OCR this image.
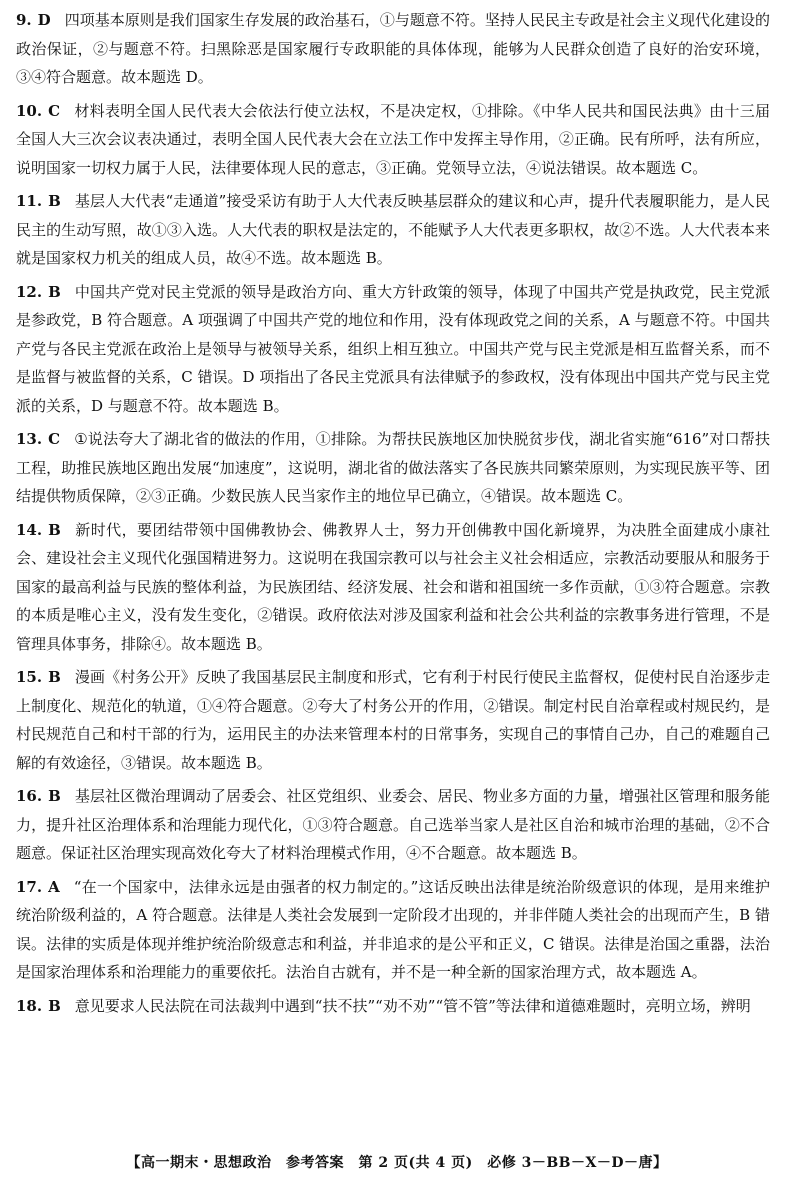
9. D 四项基本原则是我们国家生存发展的政治基石，①与题意不符。坚持人民民主专政是社会主义现代化建设的政治保证，②与题意不符。扫黑除恶是国家履行专政职能的具体体现，能够为人民群众创造了良好的治安环境，③④符合题意。故本题选 D。
10. C 材料表明全国人民代表大会依法行使立法权，不是决定权，①排除。《中华人民共和国民法典》由十三届全国人大三次会议表决通过，表明全国人民代表大会在立法工作中发挥主导作用，②正确。民有所呼，法有所应，说明国家一切权力属于人民，法律要体现人民的意志，③正确。党领导立法，④说法错误。故本题选 C。
11. B 基层人大代表“走通道”接受采访有助于人大代表反映基层群众的建议和心声，提升代表履职能力，是人民民主的生动写照，故①③入选。人大代表的职权是法定的，不能赋予人大代表更多职权，故②不选。人大代表本来就是国家权力机关的组成人员，故④不选。故本题选 B。
12. B 中国共产党对民主党派的领导是政治方向、重大方针政策的领导，体现了中国共产党是执政党，民主党派是参政党，B 符合题意。A 项强调了中国共产党的地位和作用，没有体现政党之间的关系，A 与题意不符。中国共产党与各民主党派在政治上是领导与被领导关系，组织上相互独立。中国共产党与民主党派是相互监督关系，而不是监督与被监督的关系，C 错误。D 项指出了各民主党派具有法律赋予的参政权，没有体现出中国共产党与民主党派的关系，D 与题意不符。故本题选 B。
13. C ①说法夸大了湖北省的做法的作用，①排除。为帮扶民族地区加快脱贫步伐，湖北省实施“616”对口帮扶工程，助推民族地区跑出发展“加速度”，这说明，湖北省的做法落实了各民族共同繁荣原则，为实现民族平等、团结提供物质保障，②③正确。少数民族人民当家作主的地位早已确立，④错误。故本题选 C。
14. B 新时代，要团结带领中国佛教协会、佛教界人士，努力开创佛教中国化新境界，为决胜全面建成小康社会、建设社会主义现代化强国精进努力。这说明在我国宗教可以与社会主义社会相适应，宗教活动要服从和服务于国家的最高利益与民族的整体利益，为民族团结、经济发展、社会和谐和祖国统一多作贡献，①③符合题意。宗教的本质是唯心主义，没有发生变化，②错误。政府依法对涉及国家利益和社会公共利益的宗教事务进行管理，不是管理具体事务，排除④。故本题选 B。
15. B 漫画《村务公开》反映了我国基层民主制度和形式，它有利于村民行使民主监督权，促使村民自治逐步走上制度化、规范化的轨道，①④符合题意。②夸大了村务公开的作用，②错误。制定村民自治章程或村规民约，是村民规范自己和村干部的行为，运用民主的办法来管理本村的日常事务，实现自己的事情自己办，自己的难题自己解的有效途径，③错误。故本题选 B。
16. B 基层社区微治理调动了居委会、社区党组织、业委会、居民、物业多方面的力量，增强社区管理和服务能力，提升社区治理体系和治理能力现代化，①③符合题意。自己选举当家人是社区自治和城市治理的基础，②不合题意。保证社区治理实现高效化夸大了材料治理模式作用，④不合题意。故本题选 B。
17. A “在一个国家中，法律永远是由强者的权力制定的。”这话反映出法律是统治阶级意识的体现，是用来维护统治阶级利益的，A 符合题意。法律是人类社会发展到一定阶段才出现的，并非伴随人类社会的出现而产生，B 错误。法律的实质是体现并维护统治阶级意志和利益，并非追求的是公平和正义，C 错误。法律是治国之重器，法治是国家治理体系和治理能力的重要依托。法治自古就有，并不是一种全新的国家治理方式，故本题选 A。
18. B 意见要求人民法院在司法裁判中遇到“扶不扶”“劝不劝”“管不管”等法律和道德难题时，亮明立场，辨明
【高一期末・思想政治　参考答案　第 2 页(共 4 页)　必修 3－BB－X－D－唐】
